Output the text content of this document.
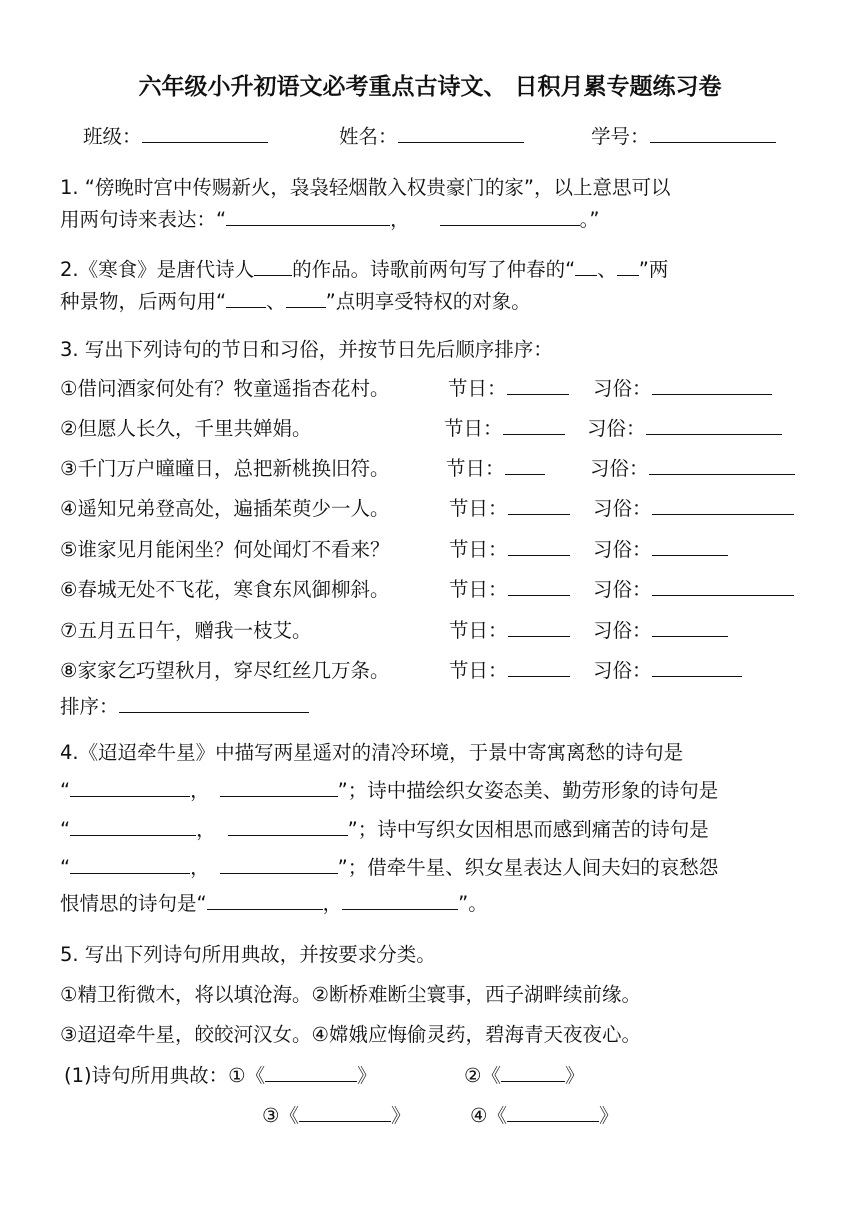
六年级小升初语文必考重点古诗文、 日积月累专题练习卷
班级：	姓名：	学号：
1. “傍晚时宫中传赐新火，袅袅轻烟散入权贵豪门的家”，以上意思可以
用两句诗来表达：“	，	。”
2.《寒食》是唐代诗人 的作品。诗歌前两句写了仲春的“ 、 ”两
种景物，后两句用“ 、 ”点明享受特权的对象。
3. 写出下列诗句的节日和习俗，并按节日先后顺序排序：
①借问酒家何处有？牧童遥指杏花村。	节日：	习俗：
②但愿人长久，千里共婵娟。	节日：	习俗：
③千门万户曈曈日，总把新桃换旧符。	节日：	习俗：
④遥知兄弟登高处，遍插茱萸少一人。	节日：	习俗：
⑤谁家见月能闲坐？何处闻灯不看来？	节日：	习俗：
⑥春城无处不飞花，寒食东风御柳斜。	节日：	习俗：
⑦五月五日午，赠我一枝艾。	节日：	习俗：
⑧家家乞巧望秋月，穿尽红丝几万条。	节日：	习俗：
排序：
4.《迢迢牵牛星》中描写两星遥对的清冷环境，于景中寄寓离愁的诗句是
“	，	”；诗中描绘织女姿态美、勤劳形象的诗句是
“	，	”；诗中写织女因相思而感到痛苦的诗句是
“	，	”；借牵牛星、织女星表达人间夫妇的哀愁怨
恨情思的诗句是“	，	”。
5. 写出下列诗句所用典故，并按要求分类。
①精卫衔微木，将以填沧海。②断桥难断尘寰事，西子湖畔续前缘。
③迢迢牵牛星，皎皎河汉女。④嫦娥应悔偷灵药，碧海青天夜夜心。
(1)诗句所用典故：①《	》	②《	》
③《	》	④《	》
